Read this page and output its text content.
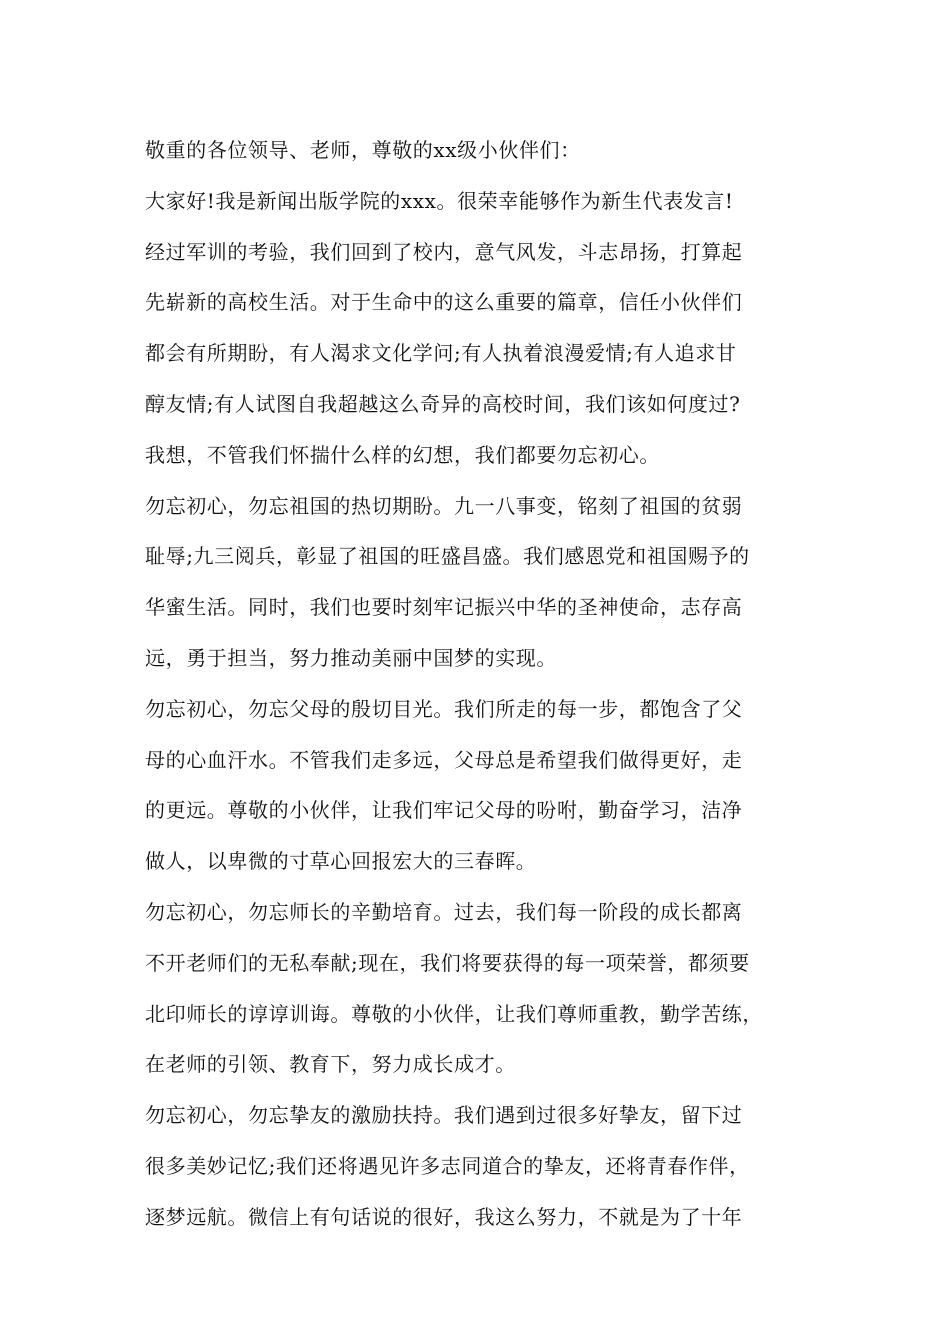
敬重的各位领导、老师，尊敬的xx级小伙伴们：
大家好!我是新闻出版学院的xxx。很荣幸能够作为新生代表发言!
经过军训的考验，我们回到了校内，意气风发，斗志昂扬，打算起
先崭新的高校生活。对于生命中的这么重要的篇章，信任小伙伴们
都会有所期盼，有人渴求文化学问;有人执着浪漫爱情;有人追求甘
醇友情;有人试图自我超越这么奇异的高校时间，我们该如何度过?
我想，不管我们怀揣什么样的幻想，我们都要勿忘初心。
勿忘初心，勿忘祖国的热切期盼。九一八事变，铭刻了祖国的贫弱
耻辱;九三阅兵，彰显了祖国的旺盛昌盛。我们感恩党和祖国赐予的
华蜜生活。同时，我们也要时刻牢记振兴中华的圣神使命，志存高
远，勇于担当，努力推动美丽中国梦的实现。
勿忘初心，勿忘父母的殷切目光。我们所走的每一步，都饱含了父
母的心血汗水。不管我们走多远，父母总是希望我们做得更好，走
的更远。尊敬的小伙伴，让我们牢记父母的吩咐，勤奋学习，洁净
做人，以卑微的寸草心回报宏大的三春晖。
勿忘初心，勿忘师长的辛勤培育。过去，我们每一阶段的成长都离
不开老师们的无私奉献;现在，我们将要获得的每一项荣誉，都须要
北印师长的谆谆训诲。尊敬的小伙伴，让我们尊师重教，勤学苦练，
在老师的引领、教育下，努力成长成才。
勿忘初心，勿忘挚友的激励扶持。我们遇到过很多好挚友，留下过
很多美妙记忆;我们还将遇见许多志同道合的挚友，还将青春作伴，
逐梦远航。微信上有句话说的很好，我这么努力，不就是为了十年
